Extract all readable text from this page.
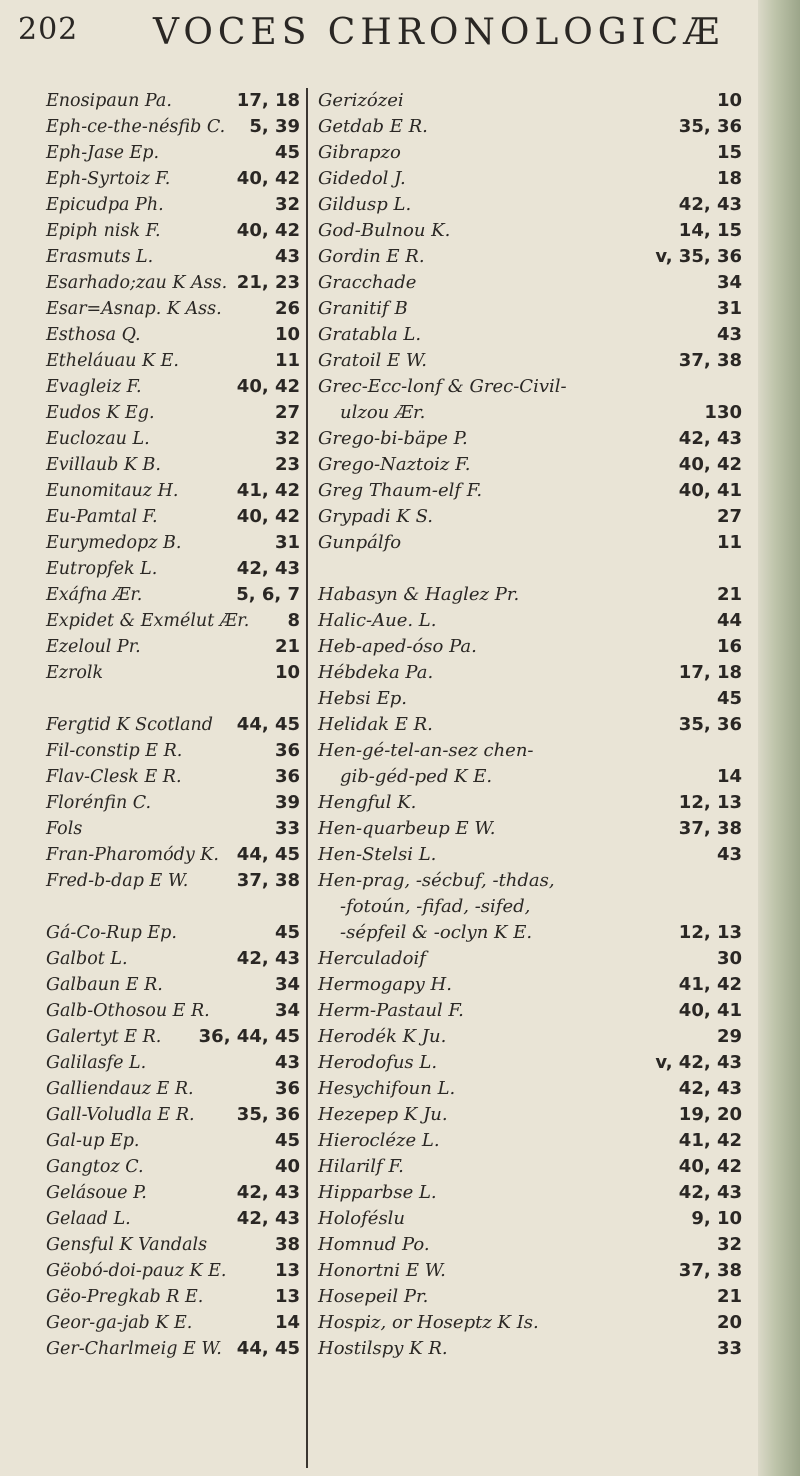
202 VOCES CHRONOLOGICÆ
Enosipaun Pa.	17, 18
Eph-ce-the-nésfib C. 5, 39
Eph-Jase Ep.	45
Eph-Syrtoiz F.	40, 42
Epicudpa Ph.	32
Epiph nisk F.	40, 42
Erasmuts L.	43
Esarhado;zau K Ass. 21, 23
Esar=Asnap. K Ass.	26
Esthosa Q.	10
Etheláuau K E.	11
Evagleiz F.	40, 42
Eudos K Eg.	27
Euclozau L.	32
Evillaub K B.	23
Eunomitauz H.	41, 42
Eu-Pamtal F.	40, 42
Eurymedopz B.	31
Eutropfek L.	42, 43
Exáfna Ær.	5, 6, 7
Expidet & Exmélut Ær. 8
Ezeloul Pr.	21
Ezrolk	10
Fergtid K Scotland 44, 45
Fil-constip E R.	36
Flav-Clesk E R.	36
Florénfin C.	39
Fols	33
Fran-Pharomódy K. 44, 45
Fred-b-dap E W.	37, 38
Gá-Co-Rup Ep.	45
Galbot L.	42, 43
Galbaun E R.	34
Galb-Othosou E R.	34
Galertyt E R. 36, 44, 45
Galilasfe L.	43
Galliendauz E R.	36
Gall-Voludla E R. 35, 36
Gal-up Ep.	45
Gangtoz C.	40
Gelásoue P.	42, 43
Gelaad L.	42, 43
Gensful K Vandals	38
Gëobó-doi-pauz K E.	13
Gëo-Pregkab R E.	13
Geor-ga-jab K E.	14
Ger-Charlmeig E W. 44, 45
Gerizózei	10
Getdab E R.	35, 36
Gibrapzo	15
Gidedol J.	18
Gildusp L.	42, 43
God-Bulnou K.	14, 15
Gordin E R.	v, 35, 36
Gracchade	34
Granitif B	31
Gratabla L.	43
Gratoil E W.	37, 38
Grec-Ecc-lonf & Grec-Civil-
ulzou Ær.	130
Grego-bi-bäpe P.	42, 43
Grego-Naztoiz F.	40, 42
Greg Thaum-elf F.	40, 41
Grypadi K S.	27
Gunpálfo	11
Habasyn & Haglez Pr.	21
Halic-Aue. L.	44
Heb-aped-óso Pa.	16
Hébdeka Pa.	17, 18
Hebsi Ep.	45
Helidak E R.	35, 36
Hen-gé-tel-an-sez chen-
gib-géd-ped K E.	14
Hengful K.	12, 13
Hen-quarbeup E W.	37, 38
Hen-Stelsi L.	43
Hen-prag, -sécbuf, -thdas,
-fotoún, -fifad, -sifed,
-sépfeil & -oclyn K E.	12, 13
Herculadoif	30
Hermogapy H.	41, 42
Herm-Pastaul F.	40, 41
Herodék K Ju.	29
Herodofus L.	v, 42, 43
Hesychifoun L.	42, 43
Hezepep K Ju.	19, 20
Hierocléze L.	41, 42
Hilarilf F.	40, 42
Hipparbse L.	42, 43
Holoféslu	9, 10
Homnud Po.	32
Honortni E W.	37, 38
Hosepeil Pr.	21
Hospiz, or Hoseptz K Is.	20
Hostilspy K R.	33
